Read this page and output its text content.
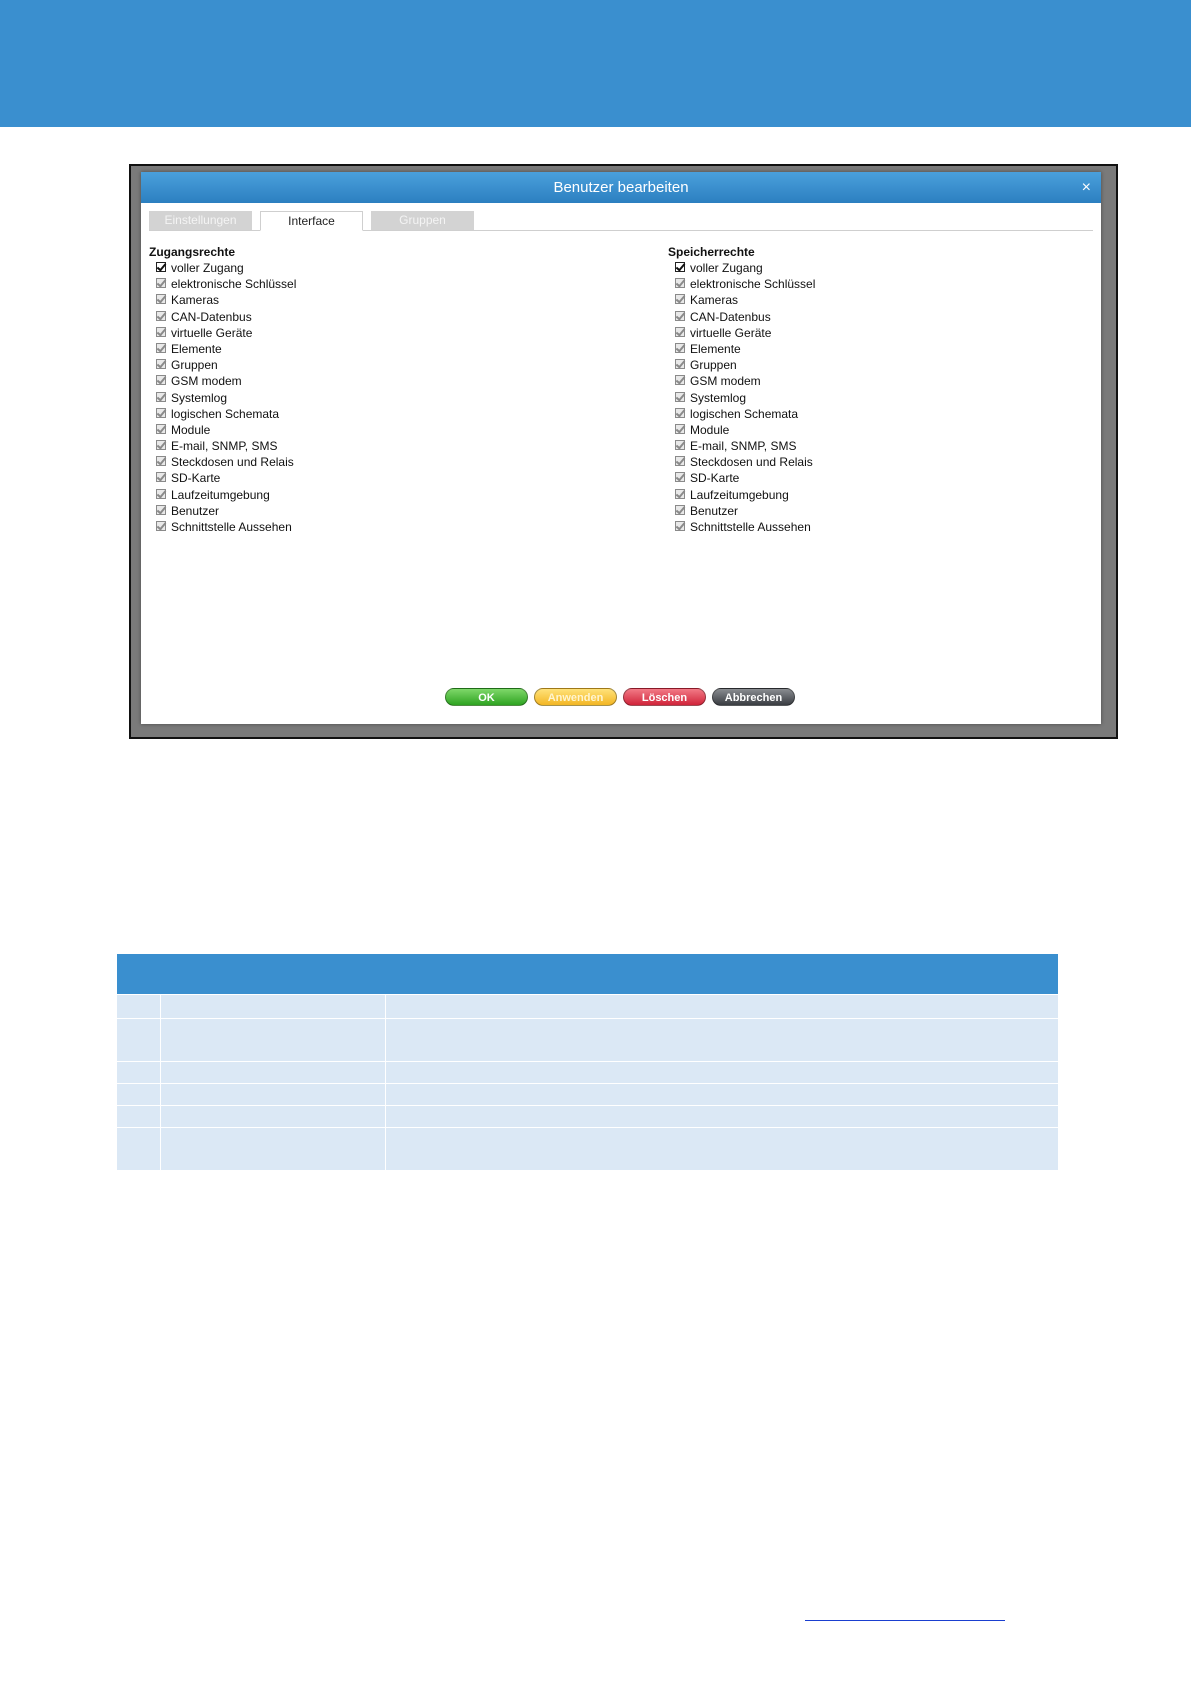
Benutzer bearbeiten	×
Einstellungen	Interface	Gruppen
Zugangsrechte
voller Zugang
elektronische Schlüssel
Kameras
CAN-Datenbus
virtuelle Geräte
Elemente
Gruppen
GSM modem
Systemlog
logischen Schemata
Module
E-mail, SNMP, SMS
Steckdosen und Relais
SD-Karte
Laufzeitumgebung
Benutzer
Schnittstelle Aussehen
Speicherrechte
voller Zugang
elektronische Schlüssel
Kameras
CAN-Datenbus
virtuelle Geräte
Elemente
Gruppen
GSM modem
Systemlog
logischen Schemata
Module
E-mail, SNMP, SMS
Steckdosen und Relais
SD-Karte
Laufzeitumgebung
Benutzer
Schnittstelle Aussehen
OK	Anwenden	Löschen	Abbrechen
